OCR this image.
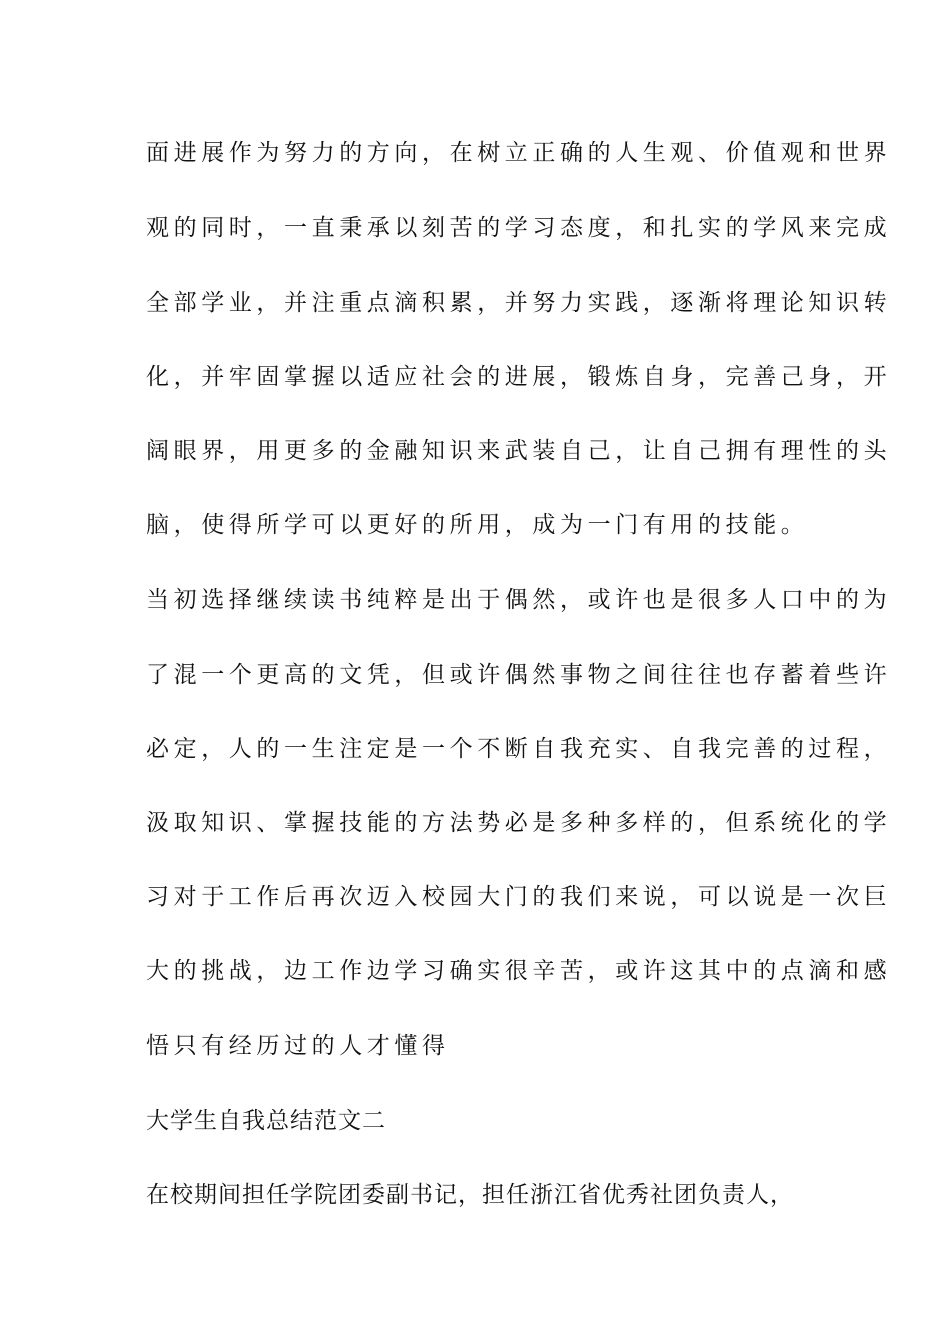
面进展作为努力的方向，在树立正确的人生观、价值观和世界
观的同时，一直秉承以刻苦的学习态度，和扎实的学风来完成
全部学业，并注重点滴积累，并努力实践，逐渐将理论知识转
化，并牢固掌握以适应社会的进展，锻炼自身，完善己身，开
阔眼界，用更多的金融知识来武装自己，让自己拥有理性的头
脑，使得所学可以更好的所用，成为一门有用的技能。
当初选择继续读书纯粹是出于偶然，或许也是很多人口中的为
了混一个更高的文凭，但或许偶然事物之间往往也存蓄着些许
必定，人的一生注定是一个不断自我充实、自我完善的过程，
汲取知识、掌握技能的方法势必是多种多样的，但系统化的学
习对于工作后再次迈入校园大门的我们来说，可以说是一次巨
大的挑战，边工作边学习确实很辛苦，或许这其中的点滴和感
悟只有经历过的人才懂得
大学生自我总结范文二
在校期间担任学院团委副书记，担任浙江省优秀社团负责人，
